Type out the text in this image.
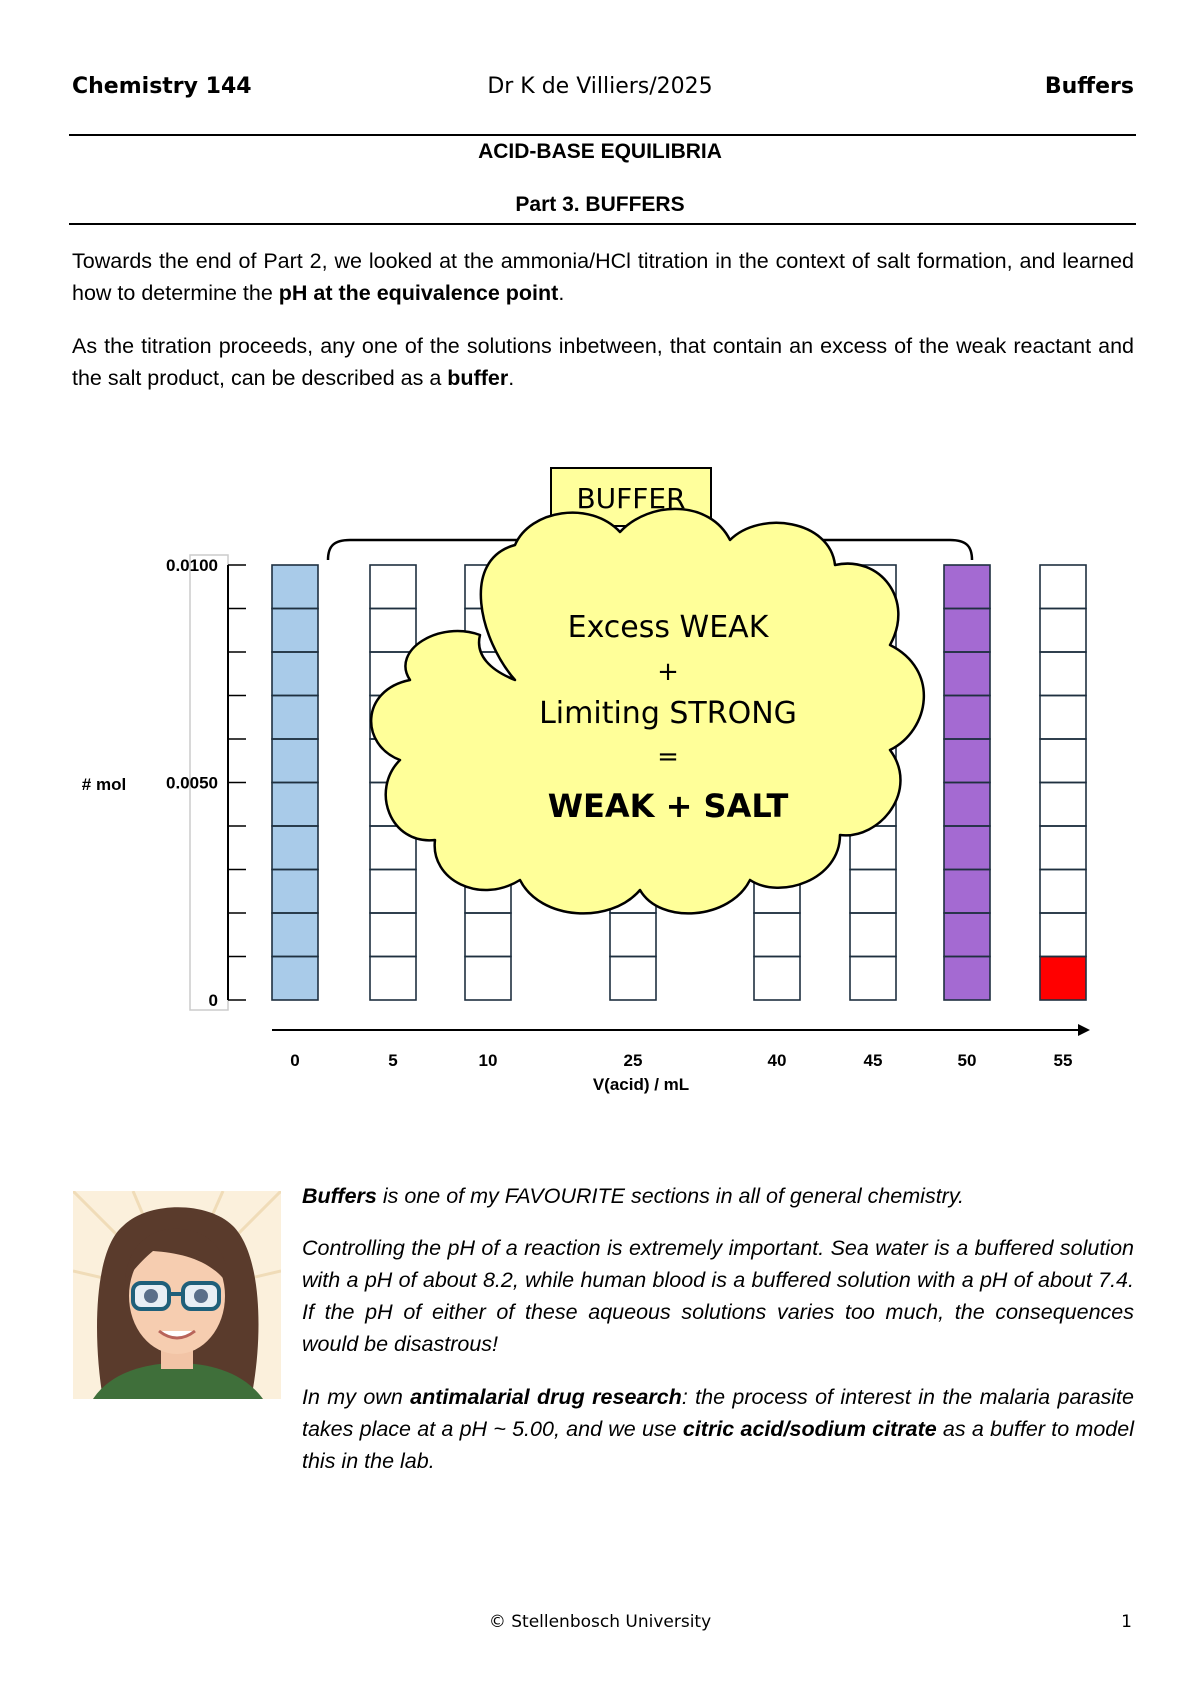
Chemistry 144	Dr K de Villiers/2025	Buffers
ACID-BASE EQUILIBRIA
Part 3. BUFFERS

Towards the end of Part 2, we looked at the ammonia/HCl titration in the context of salt formation, and learned how to determine the pH at the equivalence point.

As the titration proceeds, any one of the solutions inbetween, that contain an excess of the weak reactant and the salt product, can be described as a buffer.

0.0100
0.0050
0
# mol
BUFFER
Excess WEAK
+
Limiting STRONG
=
WEAK + SALT
0	5	10	25	40	45	50	55
V(acid) / mL

Buffers is one of my FAVOURITE sections in all of general chemistry.

Controlling the pH of a reaction is extremely important. Sea water is a buffered solution with a pH of about 8.2, while human blood is a buffered solution with a pH of about 7.4. If the pH of either of these aqueous solutions varies too much, the consequences would be disastrous!

In my own antimalarial drug research: the process of interest in the malaria parasite takes place at a pH ~ 5.00, and we use citric acid/sodium citrate as a buffer to model this in the lab.

© Stellenbosch University	1
